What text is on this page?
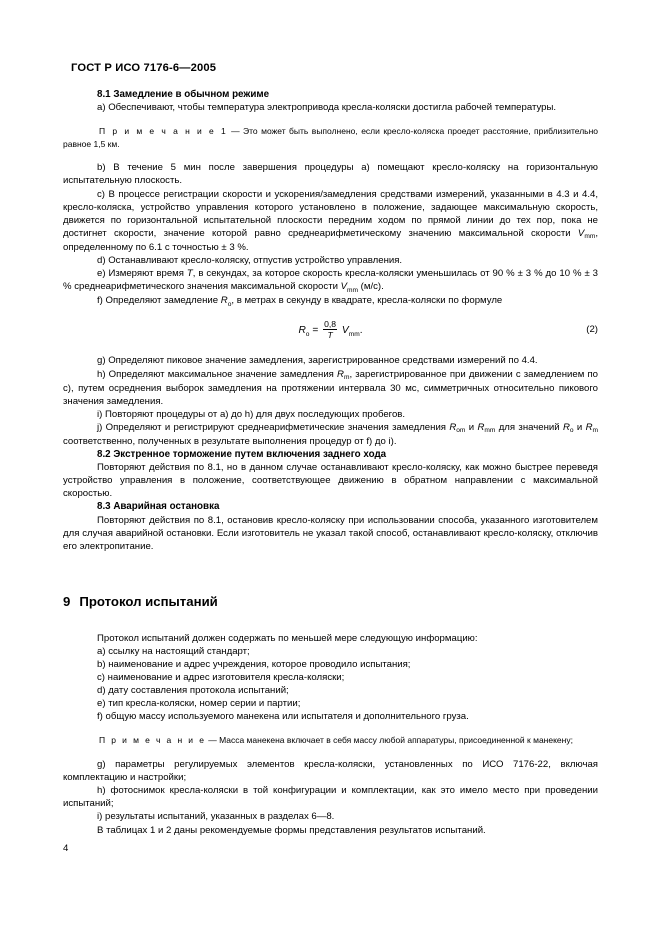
ГОСТ Р ИСО 7176-6—2005

8.1 Замедление в обычном режиме

a) Обеспечивают, чтобы температура электропривода кресла-коляски достигла рабочей температуры.

П р и м е ч а н и е 1 — Это может быть выполнено, если кресло-коляска проедет расстояние, приблизительно равное 1,5 км.

b) В течение 5 мин после завершения процедуры a) помещают кресло-коляску на горизонтальную испытательную плоскость.

c) В процессе регистрации скорости и ускорения/замедления средствами измерений, указанными в 4.3 и 4.4, кресло-коляска, устройство управления которого установлено в положение, задающее максимальную скорость, движется по горизонтальной испытательной плоскости передним ходом по прямой линии до тех пор, пока не достигнет скорости, значение которой равно среднеарифметическому значению максимальной скорости $V_{mm}$, определенному по 6.1 с точностью ± 3 %.

d) Останавливают кресло-коляску, отпустив устройство управления.

e) Измеряют время T, в секундах, за которое скорость кресла-коляски уменьшилась от 90 % ± 3 % до 10 % ± 3 % среднеарифметического значения максимальной скорости $V_{mm}$ (м/с).

f) Определяют замедление $R_o$, в метрах в секунду в квадрате, кресла-коляски по формуле

$R_o = \frac{0,8}{T} V_{mm}$.	(2)

g) Определяют пиковое значение замедления, зарегистрированное средствами измерений по 4.4.

h) Определяют максимальное значение замедления $R_m$, зарегистрированное при движении с замедлением по c), путем осреднения выборок замедления на протяжении интервала 30 мс, симметричных относительно пикового значения замедления.

i) Повторяют процедуры от a) до h) для двух последующих пробегов.

j) Определяют и регистрируют среднеарифметические значения замедления $R_{om}$ и $R_{mm}$ для значений $R_o$ и $R_m$ соответственно, полученных в результате выполнения процедур от f) до i).

8.2 Экстренное торможение путем включения заднего хода

Повторяют действия по 8.1, но в данном случае останавливают кресло-коляску, как можно быстрее переведя устройство управления в положение, соответствующее движению в обратном направлении с максимальной скоростью.

8.3 Аварийная остановка

Повторяют действия по 8.1, остановив кресло-коляску при использовании способа, указанного изготовителем для случая аварийной остановки. Если изготовитель не указал такой способ, останавливают кресло-коляску, отключив его электропитание.

9 Протокол испытаний

Протокол испытаний должен содержать по меньшей мере следующую информацию:

a) ссылку на настоящий стандарт;

b) наименование и адрес учреждения, которое проводило испытания;

c) наименование и адрес изготовителя кресла-коляски;

d) дату составления протокола испытаний;

e) тип кресла-коляски, номер серии и партии;

f) общую массу используемого манекена или испытателя и дополнительного груза.

П р и м е ч а н и е — Масса манекена включает в себя массу любой аппаратуры, присоединенной к манекену;

g) параметры регулируемых элементов кресла-коляски, установленных по ИСО 7176-22, включая комплектацию и настройки;

h) фотоснимок кресла-коляски в той конфигурации и комплектации, как это имело место при проведении испытаний;

i) результаты испытаний, указанных в разделах 6—8.

В таблицах 1 и 2 даны рекомендуемые формы представления результатов испытаний.

4
